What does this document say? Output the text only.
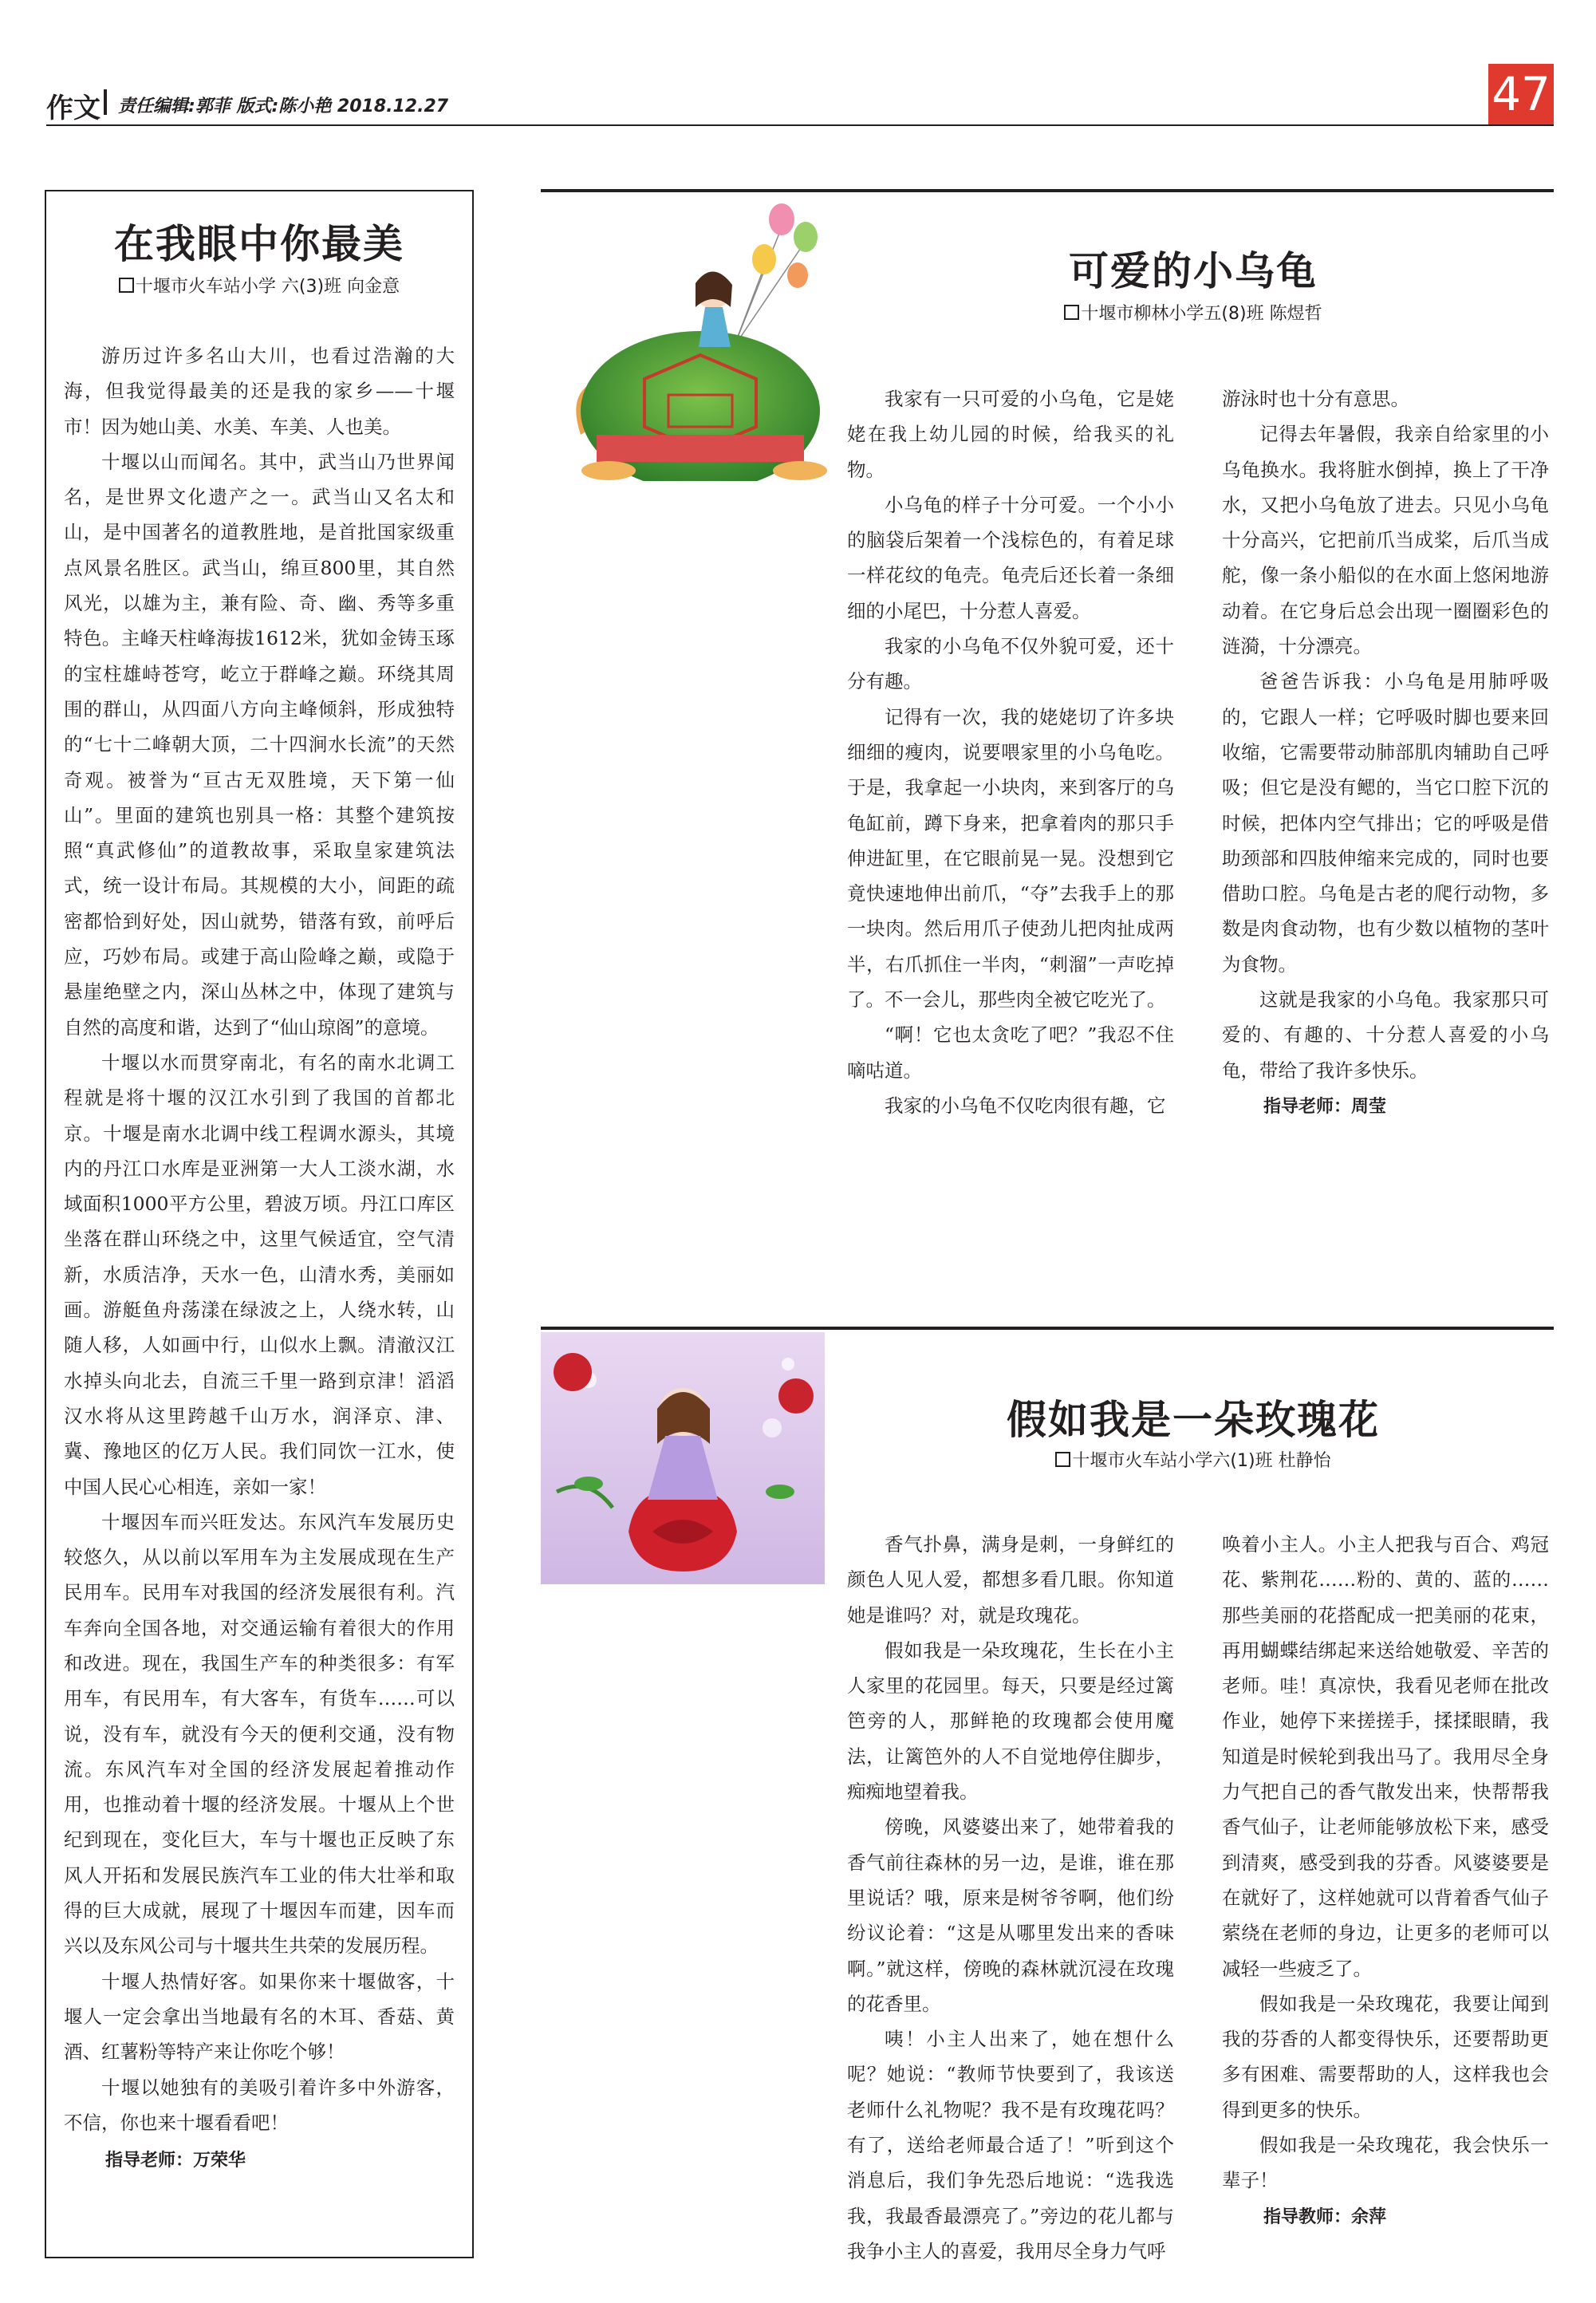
作文 责任编辑:郭菲 版式:陈小艳 2018.12.27	47
在我眼中你最美
十堰市火车站小学 六(3)班 向金意

游历过许多名山大川，也看过浩瀚的大海，但我觉得最美的还是我的家乡——十堰市！因为她山美、水美、车美、人也美。

十堰以山而闻名。其中，武当山乃世界闻名，是世界文化遗产之一。武当山又名太和山，是中国著名的道教胜地，是首批国家级重点风景名胜区。武当山，绵亘800里，其自然风光，以雄为主，兼有险、奇、幽、秀等多重特色。主峰天柱峰海拔1612米，犹如金铸玉琢的宝柱雄峙苍穹，屹立于群峰之巅。环绕其周围的群山，从四面八方向主峰倾斜，形成独特的“七十二峰朝大顶，二十四涧水长流”的天然奇观。被誉为“亘古无双胜境，天下第一仙山”。里面的建筑也别具一格：其整个建筑按照“真武修仙”的道教故事，采取皇家建筑法式，统一设计布局。其规模的大小，间距的疏密都恰到好处，因山就势，错落有致，前呼后应，巧妙布局。或建于高山险峰之巅，或隐于悬崖绝壁之内，深山丛林之中，体现了建筑与自然的高度和谐，达到了“仙山琼阁”的意境。

十堰以水而贯穿南北，有名的南水北调工程就是将十堰的汉江水引到了我国的首都北京。十堰是南水北调中线工程调水源头，其境内的丹江口水库是亚洲第一大人工淡水湖，水域面积1000平方公里，碧波万顷。丹江口库区坐落在群山环绕之中，这里气候适宜，空气清新，水质洁净，天水一色，山清水秀，美丽如画。游艇鱼舟荡漾在绿波之上，人绕水转，山随人移，人如画中行，山似水上飘。清澈汉江水掉头向北去，自流三千里一路到京津！滔滔汉水将从这里跨越千山万水，润泽京、津、冀、豫地区的亿万人民。我们同饮一江水，使中国人民心心相连，亲如一家！

十堰因车而兴旺发达。东风汽车发展历史较悠久，从以前以军用车为主发展成现在生产民用车。民用车对我国的经济发展很有利。汽车奔向全国各地，对交通运输有着很大的作用和改进。现在，我国生产车的种类很多：有军用车，有民用车，有大客车，有货车……可以说，没有车，就没有今天的便利交通，没有物流。东风汽车对全国的经济发展起着推动作用，也推动着十堰的经济发展。十堰从上个世纪到现在，变化巨大，车与十堰也正反映了东风人开拓和发展民族汽车工业的伟大壮举和取得的巨大成就，展现了十堰因车而建，因车而兴以及东风公司与十堰共生共荣的发展历程。

十堰人热情好客。如果你来十堰做客，十堰人一定会拿出当地最有名的木耳、香菇、黄酒、红薯粉等特产来让你吃个够！

十堰以她独有的美吸引着许多中外游客，不信，你也来十堰看看吧！

指导老师：万荣华
可爱的小乌龟
十堰市柳林小学五(8)班 陈煜哲

我家有一只可爱的小乌龟，它是姥姥在我上幼儿园的时候，给我买的礼物。

小乌龟的样子十分可爱。一个小小的脑袋后架着一个浅棕色的，有着足球一样花纹的龟壳。龟壳后还长着一条细细的小尾巴，十分惹人喜爱。

我家的小乌龟不仅外貌可爱，还十分有趣。

记得有一次，我的姥姥切了许多块细细的瘦肉，说要喂家里的小乌龟吃。于是，我拿起一小块肉，来到客厅的乌龟缸前，蹲下身来，把拿着肉的那只手伸进缸里，在它眼前晃一晃。没想到它竟快速地伸出前爪，“夺”去我手上的那一块肉。然后用爪子使劲儿把肉扯成两半，右爪抓住一半肉，“刺溜”一声吃掉了。不一会儿，那些肉全被它吃光了。

“啊！它也太贪吃了吧？”我忍不住嘀咕道。

我家的小乌龟不仅吃肉很有趣，它

游泳时也十分有意思。

记得去年暑假，我亲自给家里的小乌龟换水。我将脏水倒掉，换上了干净水，又把小乌龟放了进去。只见小乌龟十分高兴，它把前爪当成桨，后爪当成舵，像一条小船似的在水面上悠闲地游动着。在它身后总会出现一圈圈彩色的涟漪，十分漂亮。

爸爸告诉我：小乌龟是用肺呼吸的，它跟人一样；它呼吸时脚也要来回收缩，它需要带动肺部肌肉辅助自己呼吸；但它是没有鳃的，当它口腔下沉的时候，把体内空气排出；它的呼吸是借助颈部和四肢伸缩来完成的，同时也要借助口腔。乌龟是古老的爬行动物，多数是肉食动物，也有少数以植物的茎叶为食物。

这就是我家的小乌龟。我家那只可爱的、有趣的、十分惹人喜爱的小乌龟，带给了我许多快乐。

指导老师：周莹
假如我是一朵玫瑰花
十堰市火车站小学六(1)班 杜静怡

香气扑鼻，满身是刺，一身鲜红的颜色人见人爱，都想多看几眼。你知道她是谁吗？对，就是玫瑰花。

假如我是一朵玫瑰花，生长在小主人家里的花园里。每天，只要是经过篱笆旁的人，那鲜艳的玫瑰都会使用魔法，让篱笆外的人不自觉地停住脚步，痴痴地望着我。

傍晚，风婆婆出来了，她带着我的香气前往森林的另一边，是谁，谁在那里说话？哦，原来是树爷爷啊，他们纷纷议论着：“这是从哪里发出来的香味啊。”就这样，傍晚的森林就沉浸在玫瑰的花香里。

咦！小主人出来了，她在想什么呢？她说：“教师节快要到了，我该送老师什么礼物呢？我不是有玫瑰花吗？有了，送给老师最合适了！”听到这个消息后，我们争先恐后地说：“选我选我，我最香最漂亮了。”旁边的花儿都与我争小主人的喜爱，我用尽全身力气呼

唤着小主人。小主人把我与百合、鸡冠花、紫荆花……粉的、黄的、蓝的……那些美丽的花搭配成一把美丽的花束，再用蝴蝶结绑起来送给她敬爱、辛苦的老师。哇！真凉快，我看见老师在批改作业，她停下来搓搓手，揉揉眼睛，我知道是时候轮到我出马了。我用尽全身力气把自己的香气散发出来，快帮帮我香气仙子，让老师能够放松下来，感受到清爽，感受到我的芬香。风婆婆要是在就好了，这样她就可以背着香气仙子萦绕在老师的身边，让更多的老师可以减轻一些疲乏了。

假如我是一朵玫瑰花，我要让闻到我的芬香的人都变得快乐，还要帮助更多有困难、需要帮助的人，这样我也会得到更多的快乐。

假如我是一朵玫瑰花，我会快乐一辈子！

指导教师：余萍
